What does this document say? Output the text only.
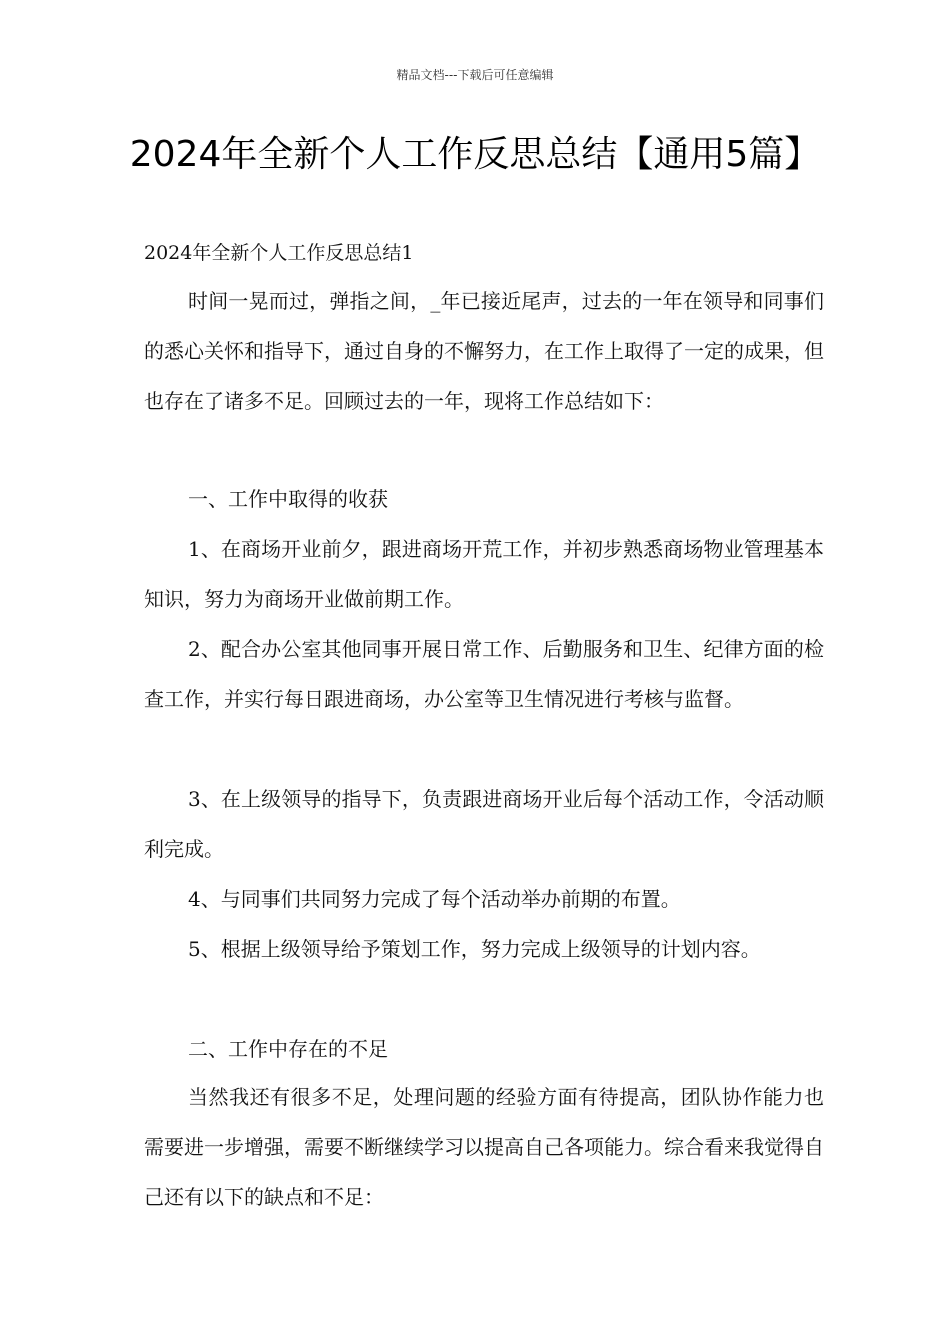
精品文档---下载后可任意编辑
2024年全新个人工作反思总结【通用5篇】
2024年全新个人工作反思总结1

时间一晃而过，弹指之间，_年已接近尾声，过去的一年在领导和同事们的悉心关怀和指导下，通过自身的不懈努力，在工作上取得了一定的成果，但也存在了诸多不足。回顾过去的一年，现将工作总结如下：

一、工作中取得的收获

1、在商场开业前夕，跟进商场开荒工作，并初步熟悉商场物业管理基本知识，努力为商场开业做前期工作。

2、配合办公室其他同事开展日常工作、后勤服务和卫生、纪律方面的检查工作，并实行每日跟进商场，办公室等卫生情况进行考核与监督。

3、在上级领导的指导下，负责跟进商场开业后每个活动工作，令活动顺利完成。

4、与同事们共同努力完成了每个活动举办前期的布置。
5、根据上级领导给予策划工作，努力完成上级领导的计划内容。
二、工作中存在的不足

当然我还有很多不足，处理问题的经验方面有待提高，团队协作能力也需要进一步增强，需要不断继续学习以提高自己各项能力。综合看来我觉得自己还有以下的缺点和不足：
